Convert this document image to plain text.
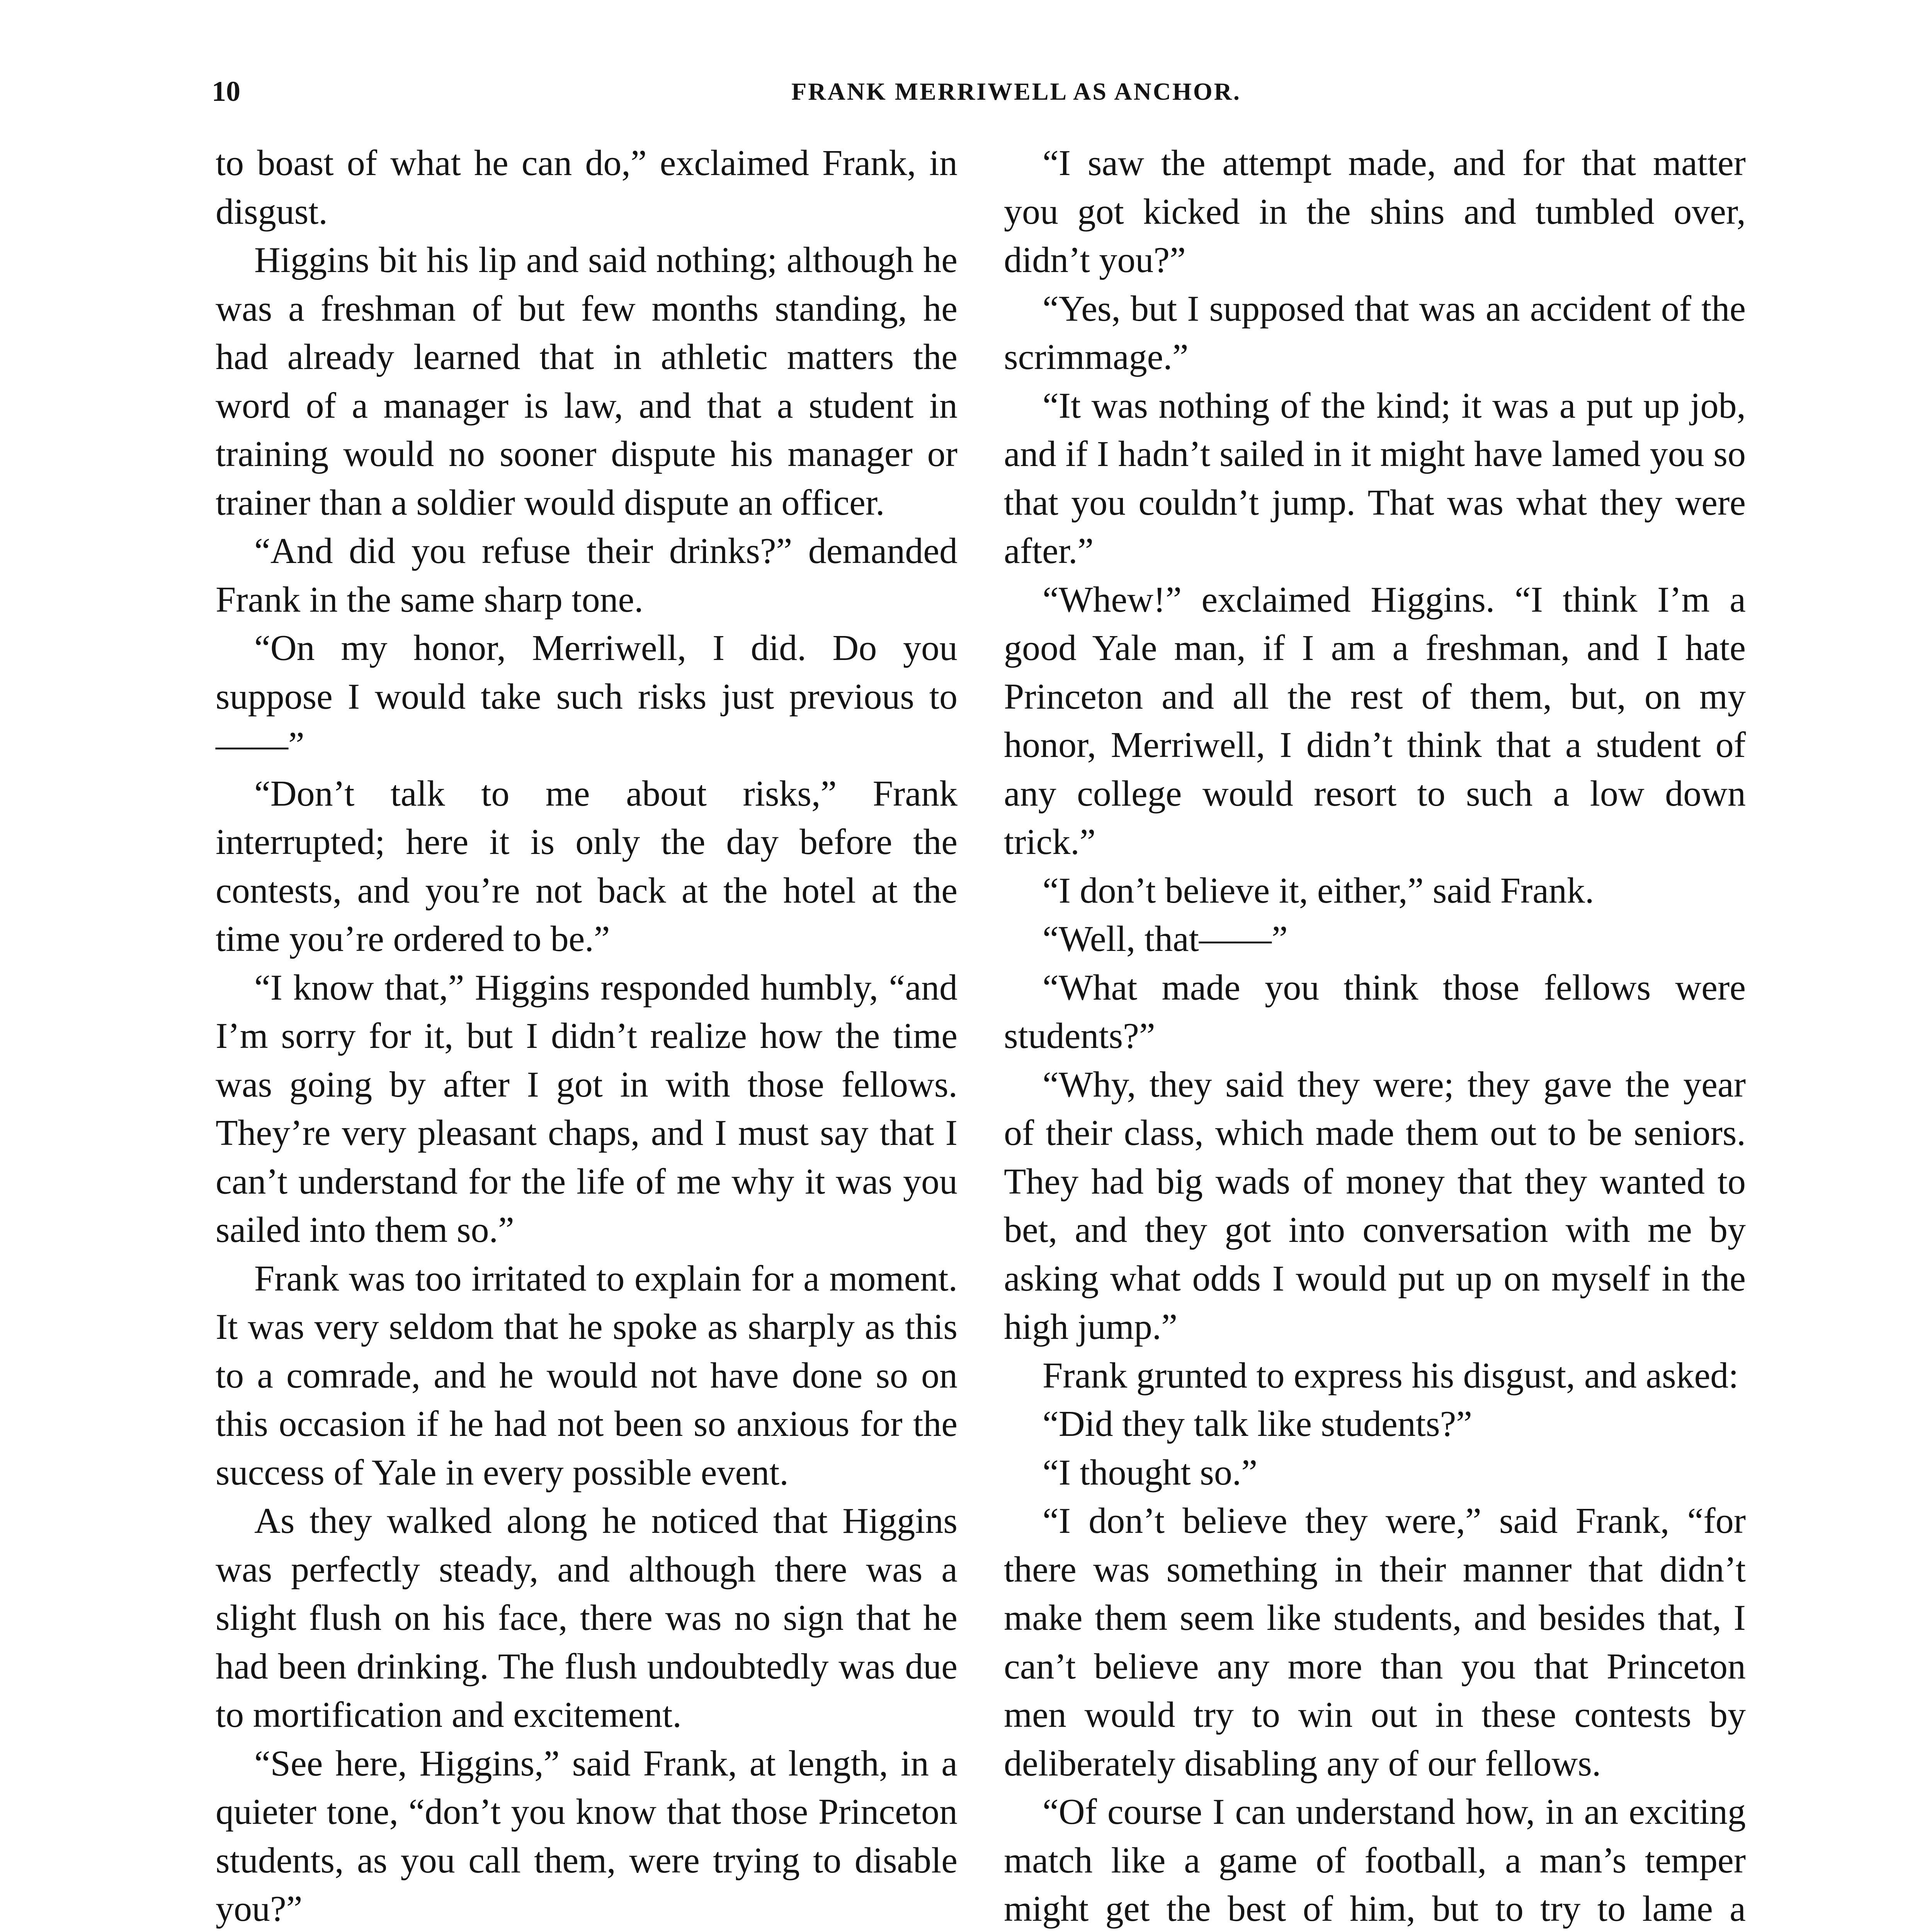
10	FRANK MERRIWELL AS ANCHOR.

to boast of what he can do,” exclaimed Frank, in disgust.

Higgins bit his lip and said nothing; although he was a freshman of but few months standing, he had already learned that in athletic matters the word of a manager is law, and that a student in training would no sooner dispute his manager or trainer than a soldier would dispute an officer.

“And did you refuse their drinks?” demanded Frank in the same sharp tone.

“On my honor, Merriwell, I did. Do you suppose I would take such risks just previous to——”

“Don’t talk to me about risks,” Frank interrupted; here it is only the day before the contests, and you’re not back at the hotel at the time you’re ordered to be.”

“I know that,” Higgins responded humbly, “and I’m sorry for it, but I didn’t realize how the time was going by after I got in with those fellows. They’re very pleasant chaps, and I must say that I can’t understand for the life of me why it was you sailed into them so.”

Frank was too irritated to explain for a moment. It was very seldom that he spoke as sharply as this to a comrade, and he would not have done so on this occasion if he had not been so anxious for the success of Yale in every possible event.

As they walked along he noticed that Higgins was perfectly steady, and although there was a slight flush on his face, there was no sign that he had been drinking. The flush undoubtedly was due to mortification and excitement.

“See here, Higgins,” said Frank, at length, in a quieter tone, “don’t you know that those Princeton students, as you call them, were trying to disable you?”

“I saw the attempt made, and for that matter you got kicked in the shins and tumbled over, didn’t you?”

“Yes, but I supposed that was an accident of the scrimmage.”

“It was nothing of the kind; it was a put up job, and if I hadn’t sailed in it might have lamed you so that you couldn’t jump. That was what they were after.”

“Whew!” exclaimed Higgins. “I think I’m a good Yale man, if I am a freshman, and I hate Princeton and all the rest of them, but, on my honor, Merriwell, I didn’t think that a student of any college would resort to such a low down trick.”

“I don’t believe it, either,” said Frank.

“Well, that——”

“What made you think those fellows were students?”

“Why, they said they were; they gave the year of their class, which made them out to be seniors. They had big wads of money that they wanted to bet, and they got into conversation with me by asking what odds I would put up on myself in the high jump.”

Frank grunted to express his disgust, and asked:

“Did they talk like students?”

“I thought so.”

“I don’t believe they were,” said Frank, “for there was something in their manner that didn’t make them seem like students, and besides that, I can’t believe any more than you that Princeton men would try to win out in these contests by deliberately disabling any of our fellows.

“Of course I can understand how, in an exciting match like a game of football, a man’s temper might get the best of him, but to try to lame a
